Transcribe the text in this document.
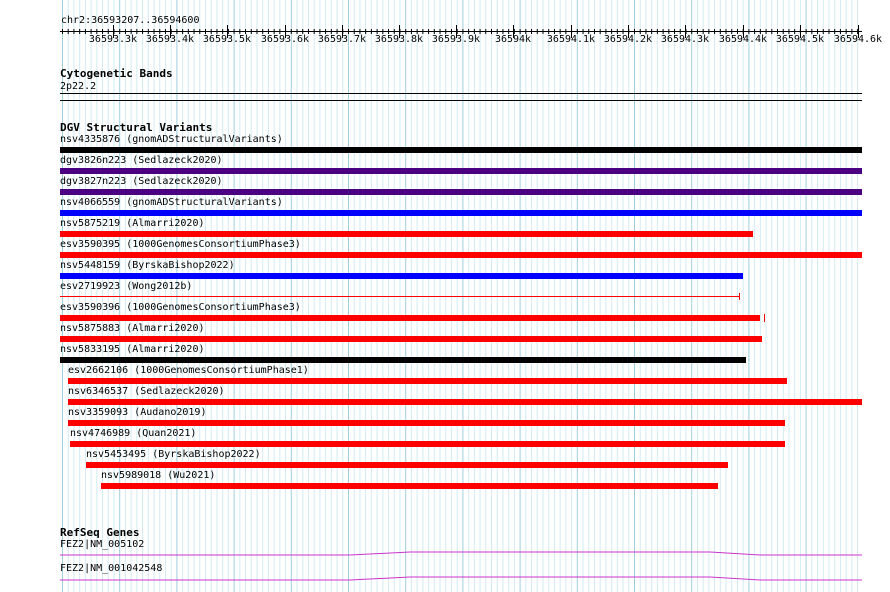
chr2:36593207..36594600
36593.3k 36593.4k 36593.5k 36593.6k 36593.7k 36593.8k 36593.9k 36594k 36594.1k 36594.2k 36594.3k 36594.4k 36594.5k 36594.6k
Cytogenetic Bands
2p22.2
DGV Structural Variants
nsv4335876 (gnomADStructuralVariants)
dgv3826n223 (Sedlazeck2020)
dgv3827n223 (Sedlazeck2020)
nsv4066559 (gnomADStructuralVariants)
nsv5875219 (Almarri2020)
esv3590395 (1000GenomesConsortiumPhase3)
nsv5448159 (ByrskaBishop2022)
esv2719923 (Wong2012b)
esv3590396 (1000GenomesConsortiumPhase3)
nsv5875883 (Almarri2020)
nsv5833195 (Almarri2020)
esv2662106 (1000GenomesConsortiumPhase1)
nsv6346537 (Sedlazeck2020)
nsv3359093 (Audano2019)
nsv4746989 (Quan2021)
nsv5453495 (ByrskaBishop2022)
nsv5989018 (Wu2021)
RefSeq Genes
FEZ2|NM_005102
FEZ2|NM_001042548
